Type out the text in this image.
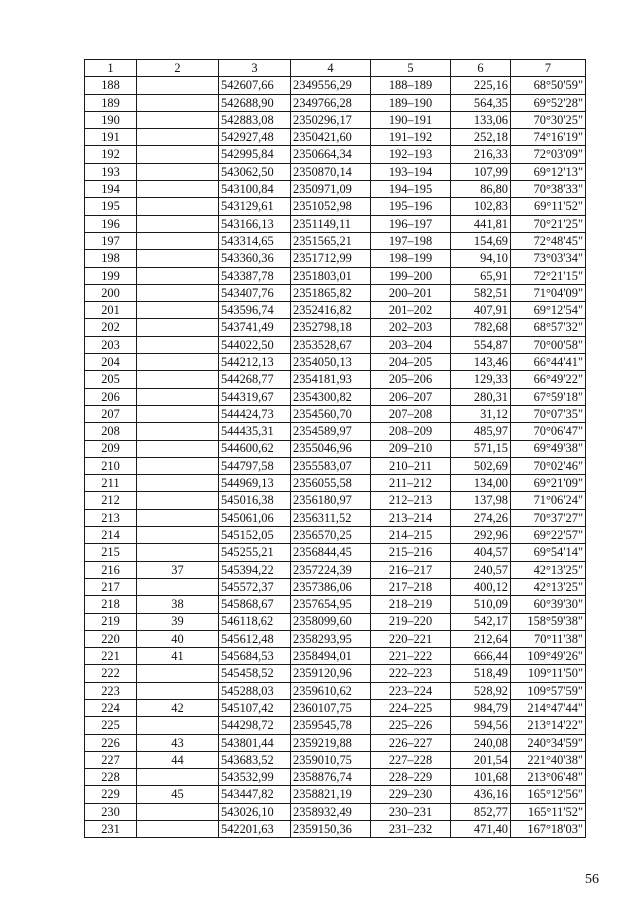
1	2	3	4	5	6	7
188		542607,66	2349556,29	188–189	225,16	68°50'59"
189		542688,90	2349766,28	189–190	564,35	69°52'28"
190		542883,08	2350296,17	190–191	133,06	70°30'25"
191		542927,48	2350421,60	191–192	252,18	74°16'19"
192		542995,84	2350664,34	192–193	216,33	72°03'09"
193		543062,50	2350870,14	193–194	107,99	69°12'13"
194		543100,84	2350971,09	194–195	86,80	70°38'33"
195		543129,61	2351052,98	195–196	102,83	69°11'52"
196		543166,13	2351149,11	196–197	441,81	70°21'25"
197		543314,65	2351565,21	197–198	154,69	72°48'45"
198		543360,36	2351712,99	198–199	94,10	73°03'34"
199		543387,78	2351803,01	199–200	65,91	72°21'15"
200		543407,76	2351865,82	200–201	582,51	71°04'09"
201		543596,74	2352416,82	201–202	407,91	69°12'54"
202		543741,49	2352798,18	202–203	782,68	68°57'32"
203		544022,50	2353528,67	203–204	554,87	70°00'58"
204		544212,13	2354050,13	204–205	143,46	66°44'41"
205		544268,77	2354181,93	205–206	129,33	66°49'22"
206		544319,67	2354300,82	206–207	280,31	67°59'18"
207		544424,73	2354560,70	207–208	31,12	70°07'35"
208		544435,31	2354589,97	208–209	485,97	70°06'47"
209		544600,62	2355046,96	209–210	571,15	69°49'38"
210		544797,58	2355583,07	210–211	502,69	70°02'46"
211		544969,13	2356055,58	211–212	134,00	69°21'09"
212		545016,38	2356180,97	212–213	137,98	71°06'24"
213		545061,06	2356311,52	213–214	274,26	70°37'27"
214		545152,05	2356570,25	214–215	292,96	69°22'57"
215		545255,21	2356844,45	215–216	404,57	69°54'14"
216	37	545394,22	2357224,39	216–217	240,57	42°13'25"
217		545572,37	2357386,06	217–218	400,12	42°13'25"
218	38	545868,67	2357654,95	218–219	510,09	60°39'30"
219	39	546118,62	2358099,60	219–220	542,17	158°59'38"
220	40	545612,48	2358293,95	220–221	212,64	70°11'38"
221	41	545684,53	2358494,01	221–222	666,44	109°49'26"
222		545458,52	2359120,96	222–223	518,49	109°11'50"
223		545288,03	2359610,62	223–224	528,92	109°57'59"
224	42	545107,42	2360107,75	224–225	984,79	214°47'44"
225		544298,72	2359545,78	225–226	594,56	213°14'22"
226	43	543801,44	2359219,88	226–227	240,08	240°34'59"
227	44	543683,52	2359010,75	227–228	201,54	221°40'38"
228		543532,99	2358876,74	228–229	101,68	213°06'48"
229	45	543447,82	2358821,19	229–230	436,16	165°12'56"
230		543026,10	2358932,49	230–231	852,77	165°11'52"
231		542201,63	2359150,36	231–232	471,40	167°18'03"
56
